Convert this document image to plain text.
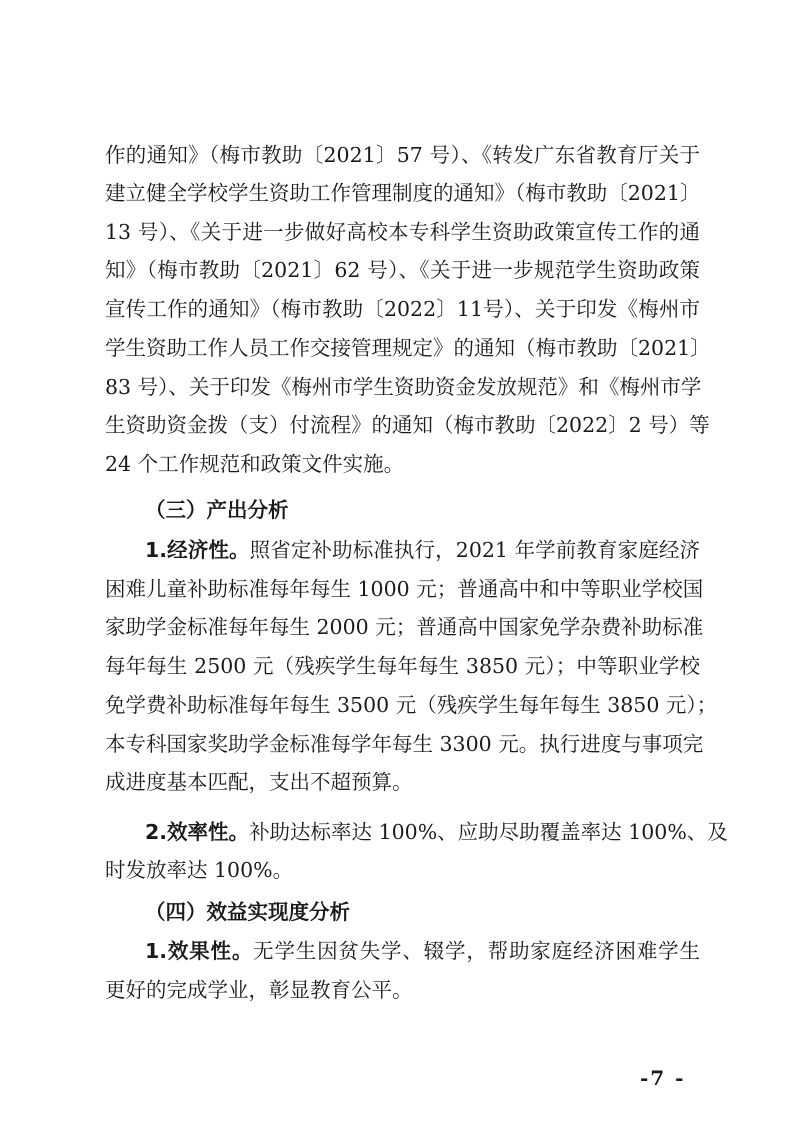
作的通知》（梅市教助〔2021〕57 号）、《转发广东省教育厅关于
建立健全学校学生资助工作管理制度的通知》（梅市教助〔2021〕
13 号）、《关于进一步做好高校本专科学生资助政策宣传工作的通
知》（梅市教助〔2021〕62 号）、《关于进一步规范学生资助政策
宣传工作的通知》（梅市教助〔2022〕11号）、关于印发《梅州市
学生资助工作人员工作交接管理规定》的通知（梅市教助〔2021〕
83 号）、关于印发《梅州市学生资助资金发放规范》和《梅州市学
生资助资金拨（支）付流程》的通知（梅市教助〔2022〕2 号）等
24 个工作规范和政策文件实施。
（三）产出分析
1.经济性。照省定补助标准执行，2021 年学前教育家庭经济
困难儿童补助标准每年每生 1000 元；普通高中和中等职业学校国
家助学金标准每年每生 2000 元；普通高中国家免学杂费补助标准
每年每生 2500 元（残疾学生每年每生 3850 元）；中等职业学校
免学费补助标准每年每生 3500 元（残疾学生每年每生 3850 元）；
本专科国家奖助学金标准每学年每生 3300 元。执行进度与事项完
成进度基本匹配，支出不超预算。
2.效率性。补助达标率达 100%、应助尽助覆盖率达 100%、及
时发放率达 100%。
（四）效益实现度分析
1.效果性。无学生因贫失学、辍学，帮助家庭经济困难学生
更好的完成学业，彰显教育公平。
-7 -
